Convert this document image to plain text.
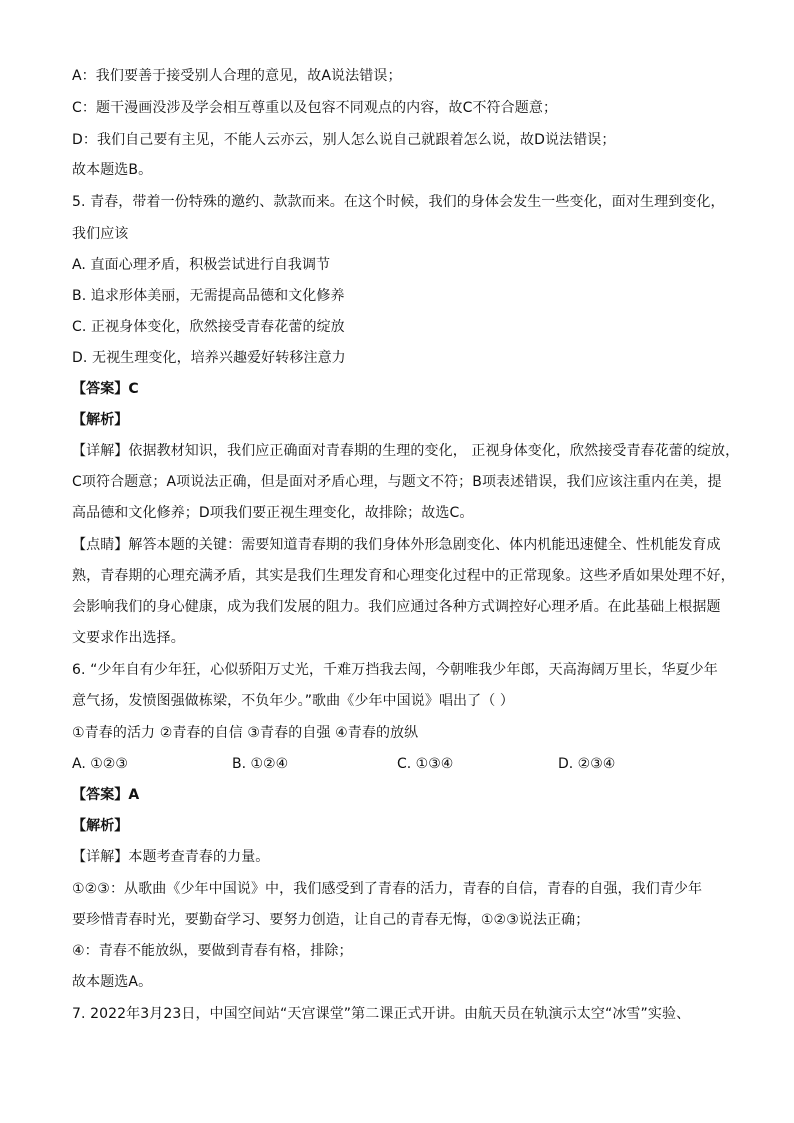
A：我们要善于接受别人合理的意见，故A说法错误；
C：题干漫画没涉及学会相互尊重以及包容不同观点的内容，故C不符合题意；
D：我们自己要有主见，不能人云亦云，别人怎么说自己就跟着怎么说，故D说法错误；
故本题选B。
5. 青春，带着一份特殊的邀约、款款而来。在这个时候，我们的身体会发生一些变化，面对生理到变化，
我们应该
A. 直面心理矛盾，积极尝试进行自我调节
B. 追求形体美丽，无需提高品德和文化修养
C. 正视身体变化，欣然接受青春花蕾的绽放
D. 无视生理变化，培养兴趣爱好转移注意力
【答案】C
【解析】
【详解】依据教材知识，我们应正确面对青春期的生理的变化， 正视身体变化，欣然接受青春花蕾的绽放，
C项符合题意；A项说法正确，但是面对矛盾心理，与题文不符；B项表述错误，我们应该注重内在美，提
高品德和文化修养；D项我们要正视生理变化，故排除；故选C。
【点睛】解答本题的关键：需要知道青春期的我们身体外形急剧变化、体内机能迅速健全、性机能发育成
熟，青春期的心理充满矛盾，其实是我们生理发育和心理变化过程中的正常现象。这些矛盾如果处理不好，
会影响我们的身心健康，成为我们发展的阻力。我们应通过各种方式调控好心理矛盾。在此基础上根据题
文要求作出选择。
6. “少年自有少年狂，心似骄阳万丈光，千难万挡我去闯，今朝唯我少年郎，天高海阔万里长，华夏少年
意气扬，发愤图强做栋梁，不负年少。”歌曲《少年中国说》唱出了（ ）
①青春的活力 ②青春的自信 ③青春的自强 ④青春的放纵
A. ①②③	B. ①②④	C. ①③④	D. ②③④
【答案】A
【解析】
【详解】本题考查青春的力量。
①②③：从歌曲《少年中国说》中，我们感受到了青春的活力，青春的自信，青春的自强，我们青少年
要珍惜青春时光，要勤奋学习、要努力创造，让自己的青春无悔，①②③说法正确；
④：青春不能放纵，要做到青春有格，排除；
故本题选A。
7. 2022年3月23日，中国空间站“天宫课堂”第二课正式开讲。由航天员在轨演示太空“冰雪”实验、
